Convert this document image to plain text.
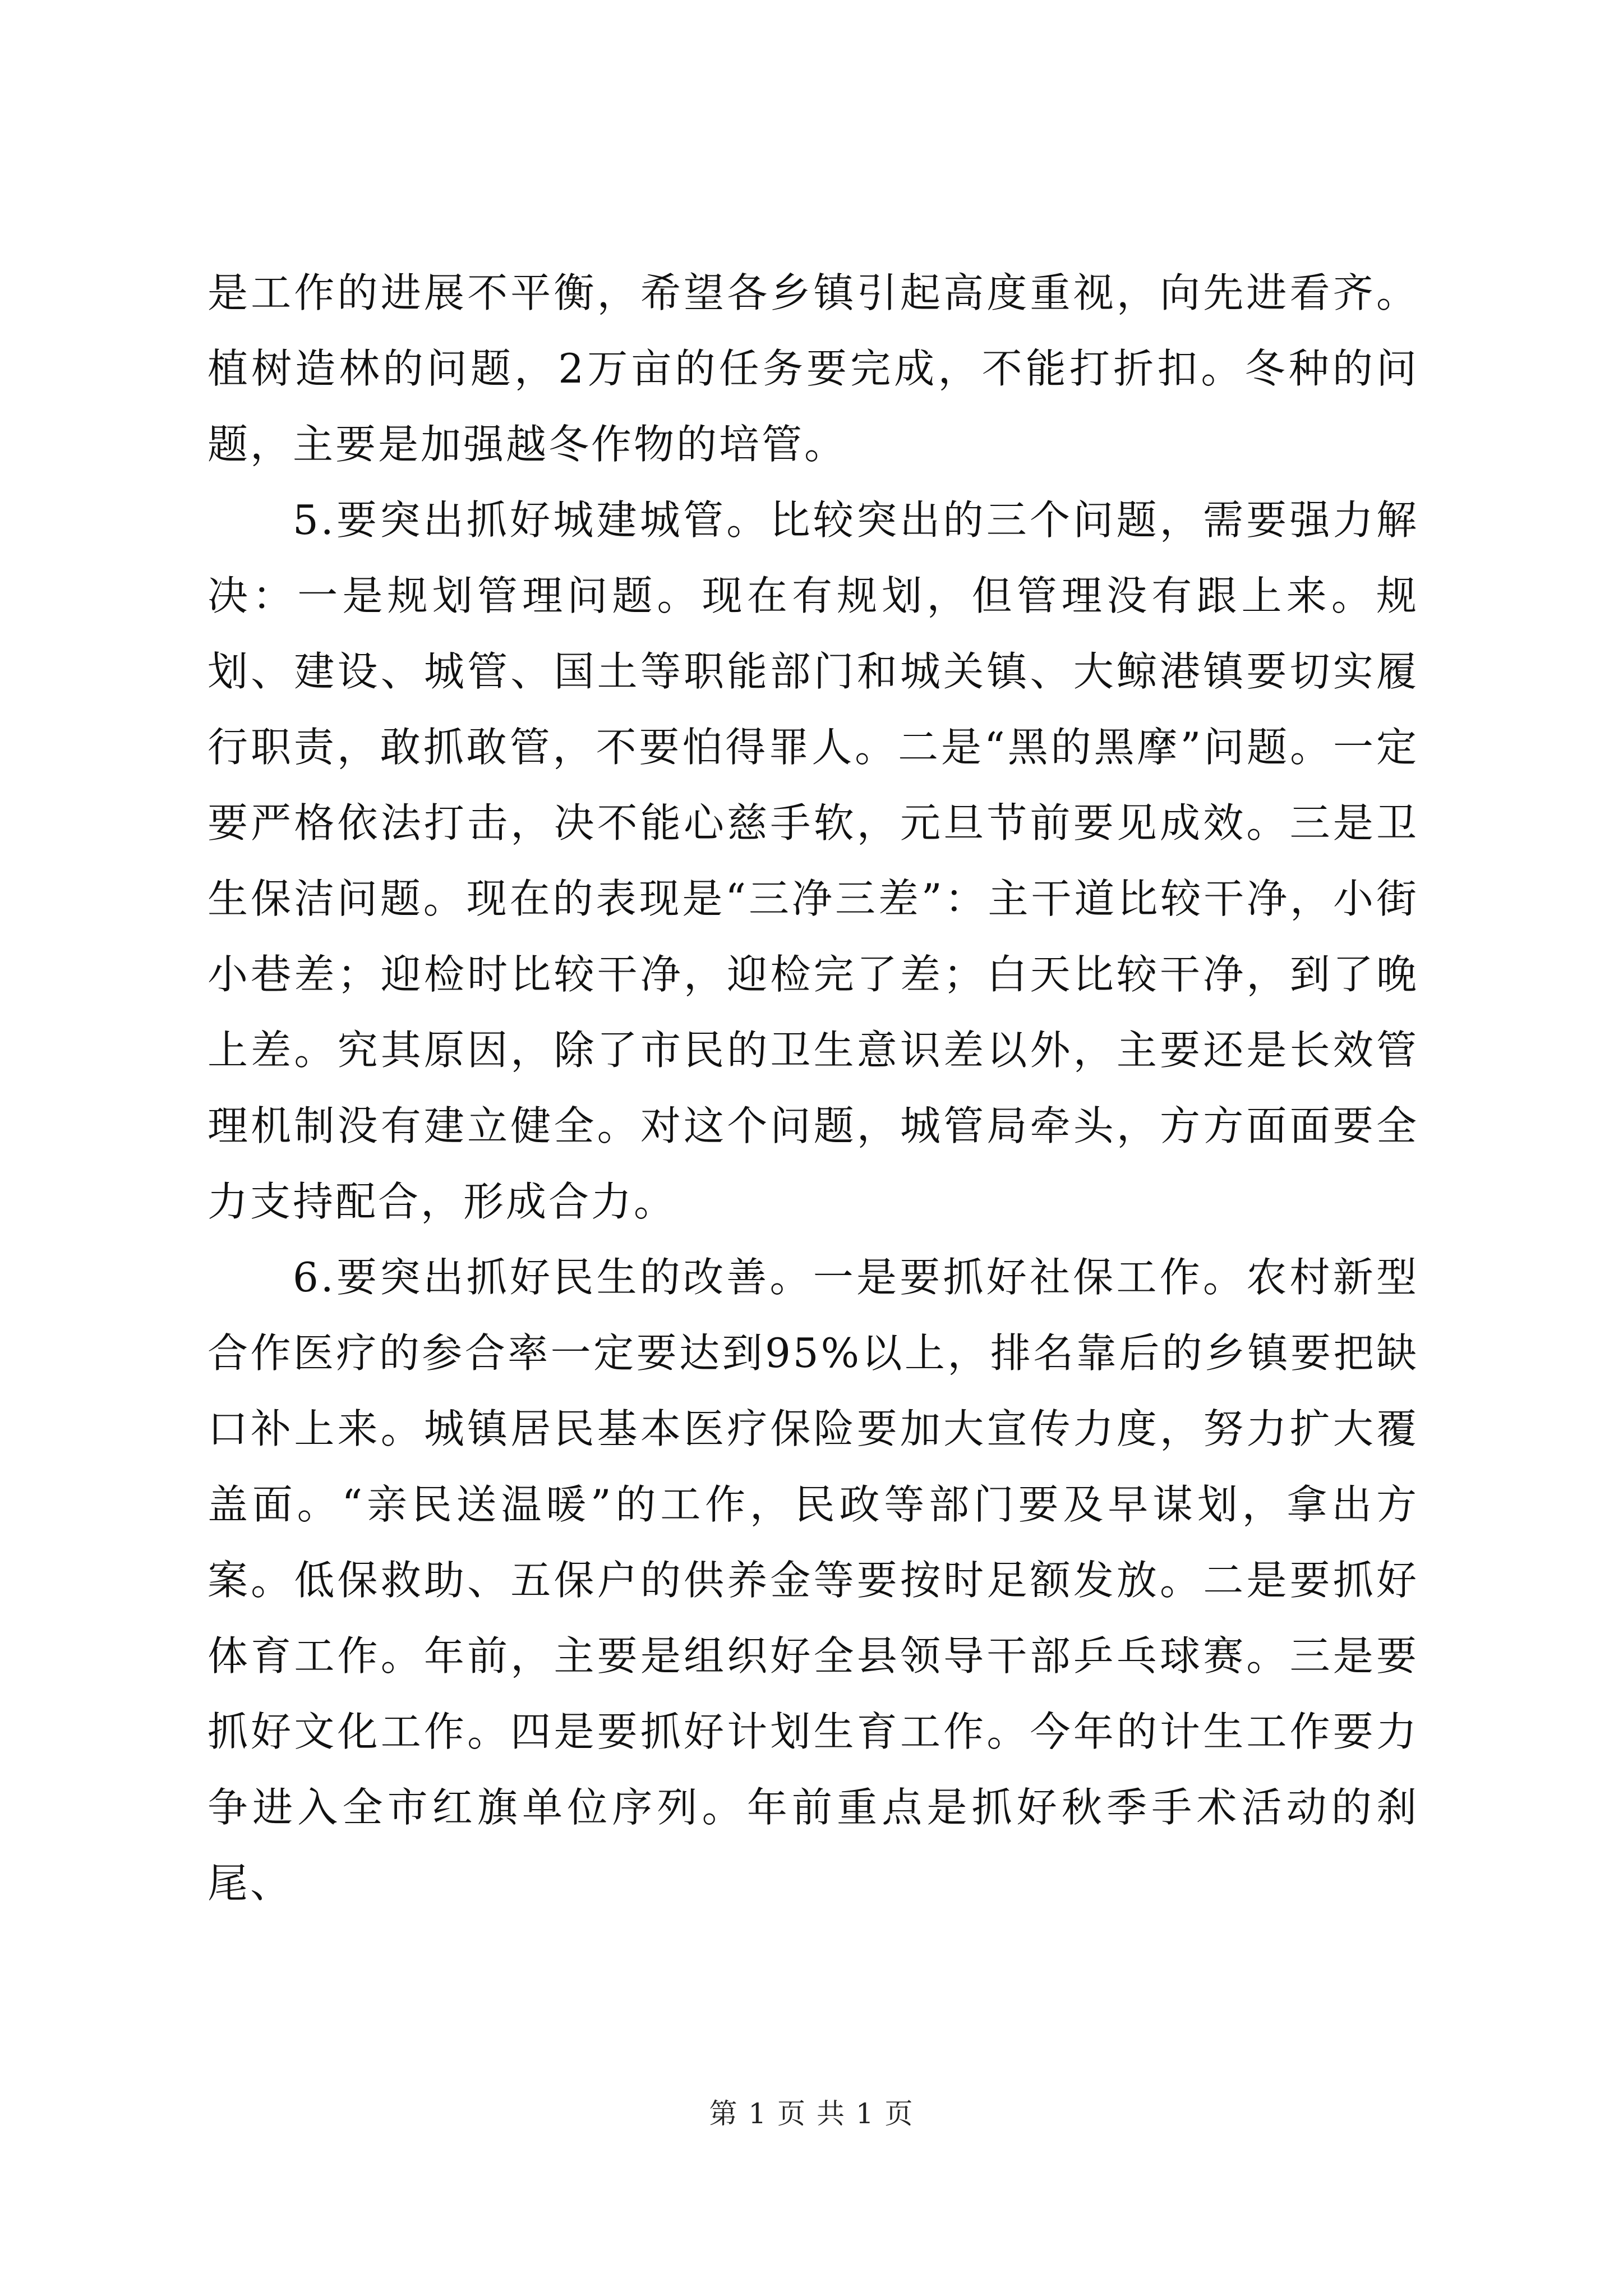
是工作的进展不平衡，希望各乡镇引起高度重视，向先进看齐。植树造林的问题，2万亩的任务要完成，不能打折扣。冬种的问题，主要是加强越冬作物的培管。

5.要突出抓好城建城管。比较突出的三个问题，需要强力解决：一是规划管理问题。现在有规划，但管理没有跟上来。规划、建设、城管、国土等职能部门和城关镇、大鲸港镇要切实履行职责，敢抓敢管，不要怕得罪人。二是“黑的黑摩”问题。一定要严格依法打击，决不能心慈手软，元旦节前要见成效。三是卫生保洁问题。现在的表现是“三净三差”：主干道比较干净，小街小巷差；迎检时比较干净，迎检完了差；白天比较干净，到了晚上差。究其原因，除了市民的卫生意识差以外，主要还是长效管理机制没有建立健全。对这个问题，城管局牵头，方方面面要全力支持配合，形成合力。

6.要突出抓好民生的改善。一是要抓好社保工作。农村新型合作医疗的参合率一定要达到95%以上，排名靠后的乡镇要把缺口补上来。城镇居民基本医疗保险要加大宣传力度，努力扩大覆盖面。“亲民送温暖”的工作，民政等部门要及早谋划，拿出方案。低保救助、五保户的供养金等要按时足额发放。二是要抓好体育工作。年前，主要是组织好全县领导干部乒乓球赛。三是要抓好文化工作。四是要抓好计划生育工作。今年的计生工作要力争进入全市红旗单位序列。年前重点是抓好秋季手术活动的刹尾、

第 1 页 共 1 页
